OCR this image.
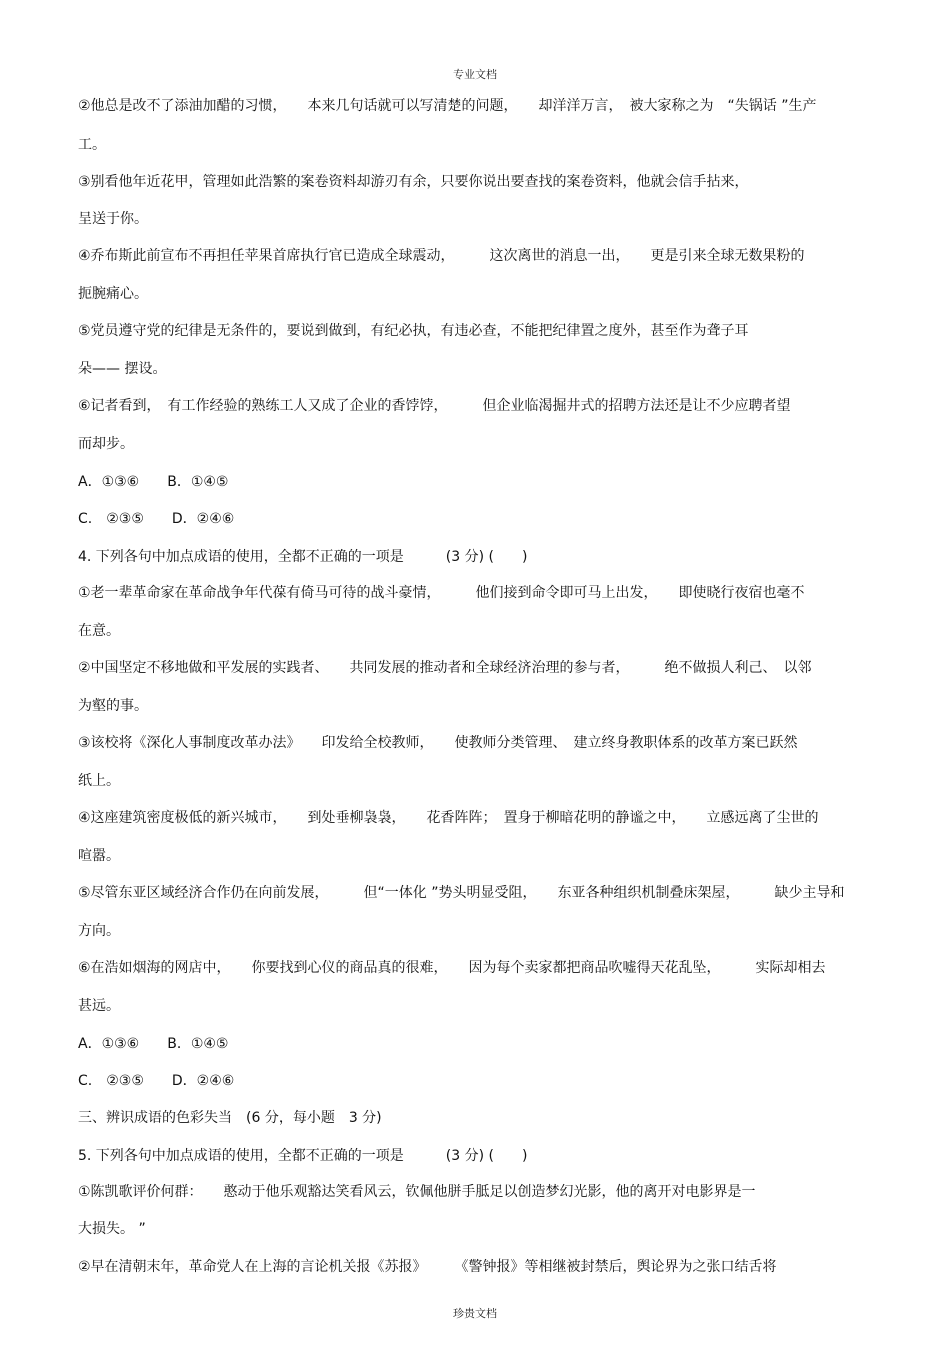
专业文档

②他总是改不了添油加醋的习惯，　　本来几句话就可以写清楚的问题，　　却洋洋万言，　被大家称之为　“失锅话 ”生产

工。

③别看他年近花甲，管理如此浩繁的案卷资料却游刃有余，只要你说出要查找的案卷资料，他就会信手拈来，

呈送于你。

④乔布斯此前宣布不再担任苹果首席执行官已造成全球震动，　　　这次离世的消息一出，　　更是引来全球无数果粉的

扼腕痛心。

⑤党员遵守党的纪律是无条件的，要说到做到，有纪必执，有违必查，不能把纪律置之度外，甚至作为聋子耳

朵—— 摆设。

⑥记者看到，　有工作经验的熟练工人又成了企业的香饽饽，　　　但企业临渴掘井式的招聘方法还是让不少应聘者望

而却步。

A．①③⑥　　B．①④⑤

C.　②③⑤　　D．②④⑥

4. 下列各句中加点成语的使用，全都不正确的一项是　　　(3 分) (　　)

①老一辈革命家在革命战争年代葆有倚马可待的战斗豪情，　　　他们接到命令即可马上出发，　　即使晓行夜宿也毫不

在意。

②中国坚定不移地做和平发展的实践者、　　共同发展的推动者和全球经济治理的参与者，　　　绝不做损人利己、　以邻

为壑的事。

③该校将《深化人事制度改革办法》　　印发给全校教师，　　使教师分类管理、　建立终身教职体系的改革方案已跃然

纸上。

④这座建筑密度极低的新兴城市，　　到处垂柳袅袅，　　花香阵阵；　置身于柳暗花明的静谧之中，　　立感远离了尘世的

喧嚣。

⑤尽管东亚区域经济合作仍在向前发展，　　　但“一体化 ”势头明显受阻，　　东亚各种组织机制叠床架屋，　　　缺少主导和

方向。

⑥在浩如烟海的网店中，　　你要找到心仪的商品真的很难，　　因为每个卖家都把商品吹嘘得天花乱坠，　　　实际却相去

甚远。

A．①③⑥　　B．①④⑤

C.　②③⑤　　D．②④⑥

三、辨识成语的色彩失当　(6 分，每小题　3 分)

5. 下列各句中加点成语的使用，全都不正确的一项是　　　(3 分) (　　)

①陈凯歌评价何群：　　憨动于他乐观豁达笑看风云，钦佩他胼手胝足以创造梦幻光影，他的离开对电影界是一

大损失。 ”

②早在清朝末年，革命党人在上海的言论机关报《苏报》　　　《警钟报》等相继被封禁后，舆论界为之张口结舌将

珍贵文档
